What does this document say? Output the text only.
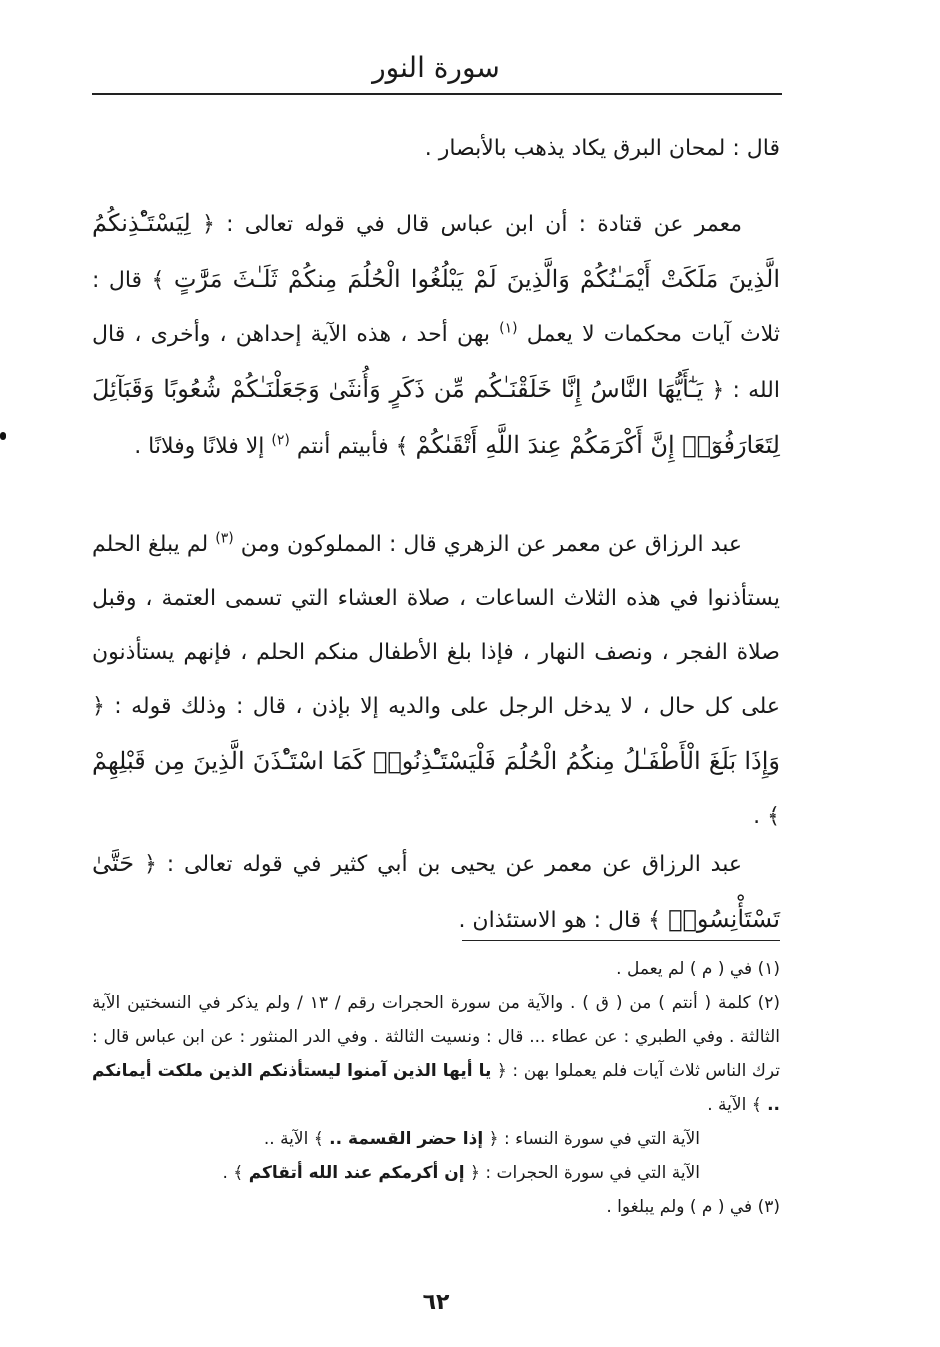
سورة النور
قال : لمحان البرق يكاد يذهب بالأبصار .
معمر عن قتادة : أن ابن عباس قال في قوله تعالى : ﴿ لِيَسْتَـْٔذِنكُمُ الَّذِينَ مَلَكَتْ أَيْمَـٰنُكُمْ وَالَّذِينَ لَمْ يَبْلُغُوا الْحُلُمَ مِنكُمْ ثَلَـٰثَ مَرَّٰتٍ ﴾ قال : ثلاث آيات محكمات لا يعمل $^{(١)}$ بهن أحد ، هذه الآية إحداهن ، وأخرى ، قال الله : ﴿ يَـٰٓأَيُّهَا النَّاسُ إِنَّا خَلَقْنَـٰكُم مِّن ذَكَرٍ وَأُنثَىٰ وَجَعَلْنَـٰكُمْ شُعُوبًا وَقَبَآئِلَ لِتَعَارَفُوٓا۟ إِنَّ أَكْرَمَكُمْ عِندَ اللَّهِ أَتْقَىٰكُمْ ﴾ فأبيتم أنتم $^{(٢)}$ إلا فلانًا وفلانًا .
عبد الرزاق عن معمر عن الزهري قال : المملوكون ومن $^{(٣)}$ لم يبلغ الحلم يستأذنوا في هذه الثلاث الساعات ، صلاة العشاء التي تسمى العتمة ، وقبل صلاة الفجر ، ونصف النهار ، فإذا بلغ الأطفال منكم الحلم ، فإنهم يستأذنون على كل حال ، لا يدخل الرجل على والديه إلا بإذن ، قال : وذلك قوله : ﴿ وَإِذَا بَلَغَ الْأَطْفَـٰلُ مِنكُمُ الْحُلُمَ فَلْيَسْتَـْٔذِنُوا۟ كَمَا اسْتَـْٔذَنَ الَّذِينَ مِن قَبْلِهِمْ ﴾ .
عبد الرزاق عن معمر عن يحيى بن أبي كثير في قوله تعالى : ﴿ حَتَّىٰ تَسْتَأْنِسُوا۟ ﴾ قال : هو الاستئذان .

(١) في ( م ) لم يعمل .

(٢) كلمة ( أنتم ) من ( ق ) . والآية من سورة الحجرات رقم / ١٣ / ولم يذكر في النسختين الآية الثالثة . وفي الطبري : عن عطاء ... قال : ونسيت الثالثة . وفي الدر المنثور : عن ابن عباس قال : ترك الناس ثلاث آيات فلم يعملوا بهن : ﴿ يا أيها الذين آمنوا ليستأذنكم الذين ملكت أيمانكم .. ﴾ الآية .

الآية التي في سورة النساء : ﴿ إذا حضر القسمة .. ﴾ الآية ..

الآية التي في سورة الحجرات : ﴿ إن أكرمكم عند الله أتقاكم ﴾ .

(٣) في ( م ) ولم يبلغوا .

٦٢
